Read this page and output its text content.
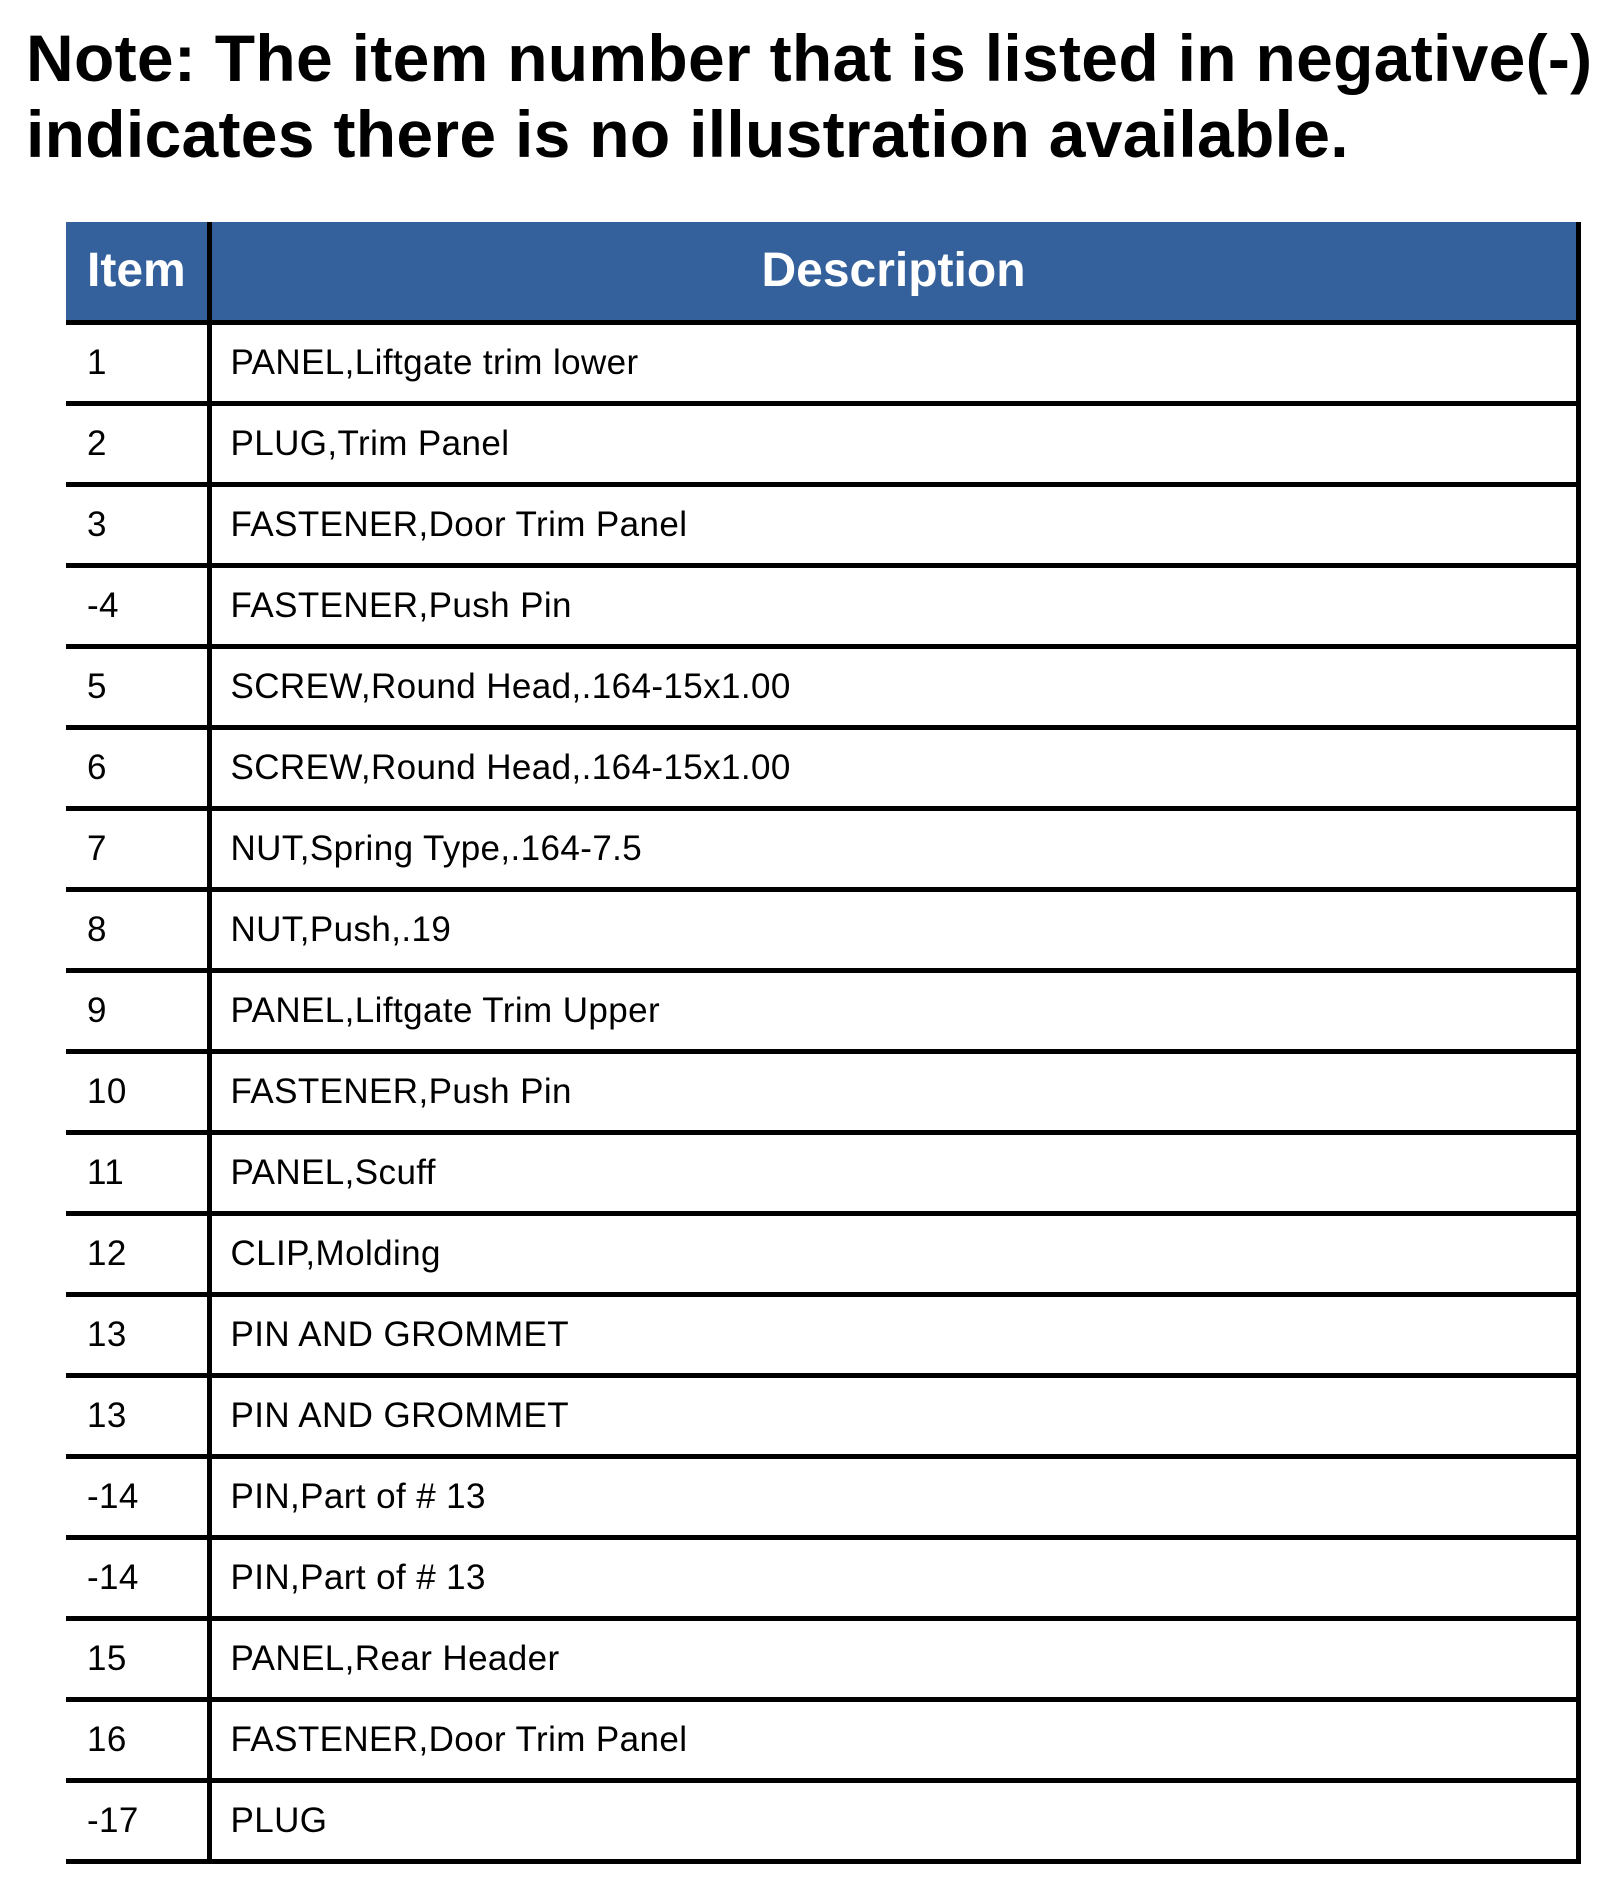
Note: The item number that is listed in negative(-)
indicates there is no illustration available.
Item	Description
1	PANEL,Liftgate trim lower
2	PLUG,Trim Panel
3	FASTENER,Door Trim Panel
-4	FASTENER,Push Pin
5	SCREW,Round Head,.164-15x1.00
6	SCREW,Round Head,.164-15x1.00
7	NUT,Spring Type,.164-7.5
8	NUT,Push,.19
9	PANEL,Liftgate Trim Upper
10	FASTENER,Push Pin
11	PANEL,Scuff
12	CLIP,Molding
13	PIN AND GROMMET
13	PIN AND GROMMET
-14	PIN,Part of # 13
-14	PIN,Part of # 13
15	PANEL,Rear Header
16	FASTENER,Door Trim Panel
-17	PLUG
